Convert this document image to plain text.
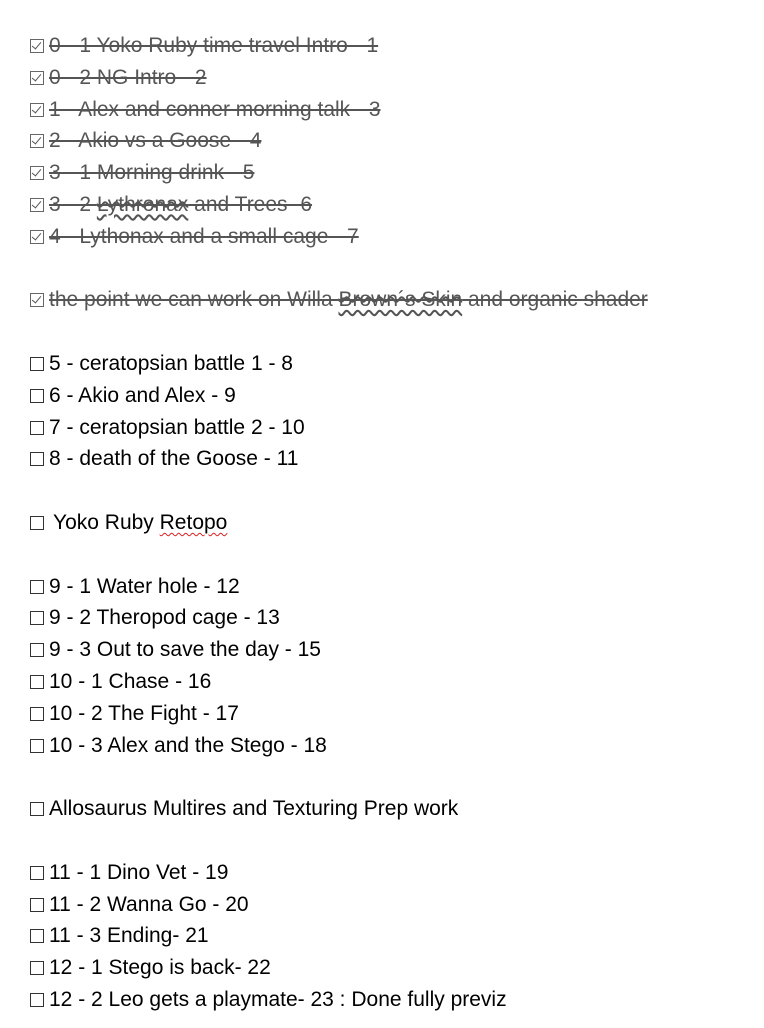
0 - 1 Yoko Ruby time travel Intro - 1
0 - 2 NG Intro - 2
1 - Alex and conner morning talk - 3
2 - Akio vs a Goose - 4
3 - 1 Morning drink - 5
3 - 2 Lythronax and Trees- 6
4 - Lythonax and a small cage - 7
the point we can work on Willa Brown´s Skin and organic shader
5 - ceratopsian battle 1 - 8
6 - Akio and Alex - 9
7 - ceratopsian battle 2 - 10
8 - death of the Goose - 11
Yoko Ruby Retopo
9 - 1 Water hole - 12
9 - 2 Theropod cage - 13
9 - 3 Out to save the day - 15
10 - 1 Chase - 16
10 - 2 The Fight - 17
10 - 3 Alex and the Stego - 18
Allosaurus Multires and Texturing Prep work
11 - 1 Dino Vet - 19
11 - 2 Wanna Go - 20
11 - 3 Ending- 21
12 - 1 Stego is back- 22
12 - 2 Leo gets a playmate- 23 : Done fully previz
